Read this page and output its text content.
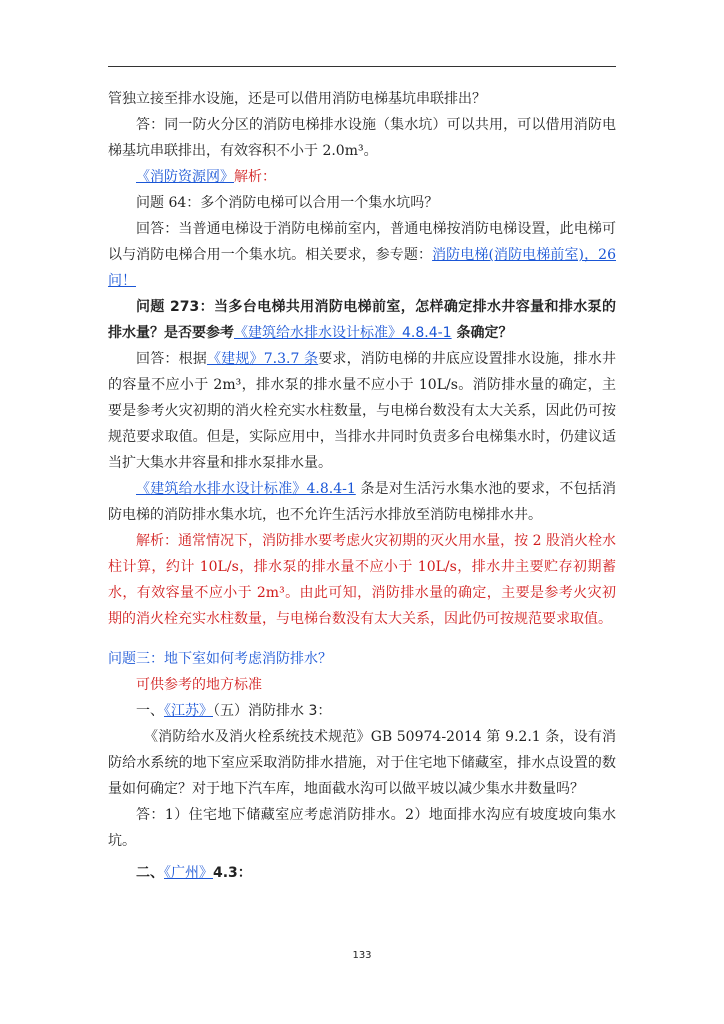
管独立接至排水设施，还是可以借用消防电梯基坑串联排出？

答：同一防火分区的消防电梯排水设施（集水坑）可以共用，可以借用消防电梯基坑串联排出，有效容积不小于 2.0m³。

《消防资源网》解析：

问题 64：多个消防电梯可以合用一个集水坑吗？

回答：当普通电梯设于消防电梯前室内，普通电梯按消防电梯设置，此电梯可以与消防电梯合用一个集水坑。相关要求，参专题：消防电梯(消防电梯前室)，26 问！

问题 273：当多台电梯共用消防电梯前室，怎样确定排水井容量和排水泵的排水量？是否要参考《建筑给水排水设计标准》4.8.4-1 条确定？

回答：根据《建规》7.3.7 条要求，消防电梯的井底应设置排水设施，排水井的容量不应小于 2m³，排水泵的排水量不应小于 10L/s。消防排水量的确定，主要是参考火灾初期的消火栓充实水柱数量，与电梯台数没有太大关系，因此仍可按规范要求取值。但是，实际应用中，当排水井同时负责多台电梯集水时，仍建议适当扩大集水井容量和排水泵排水量。

《建筑给水排水设计标准》4.8.4-1 条是对生活污水集水池的要求，不包括消防电梯的消防排水集水坑，也不允许生活污水排放至消防电梯排水井。

解析：通常情况下，消防排水要考虑火灾初期的灭火用水量，按 2 股消火栓水柱计算，约计 10L/s，排水泵的排水量不应小于 10L/s，排水井主要贮存初期蓄水，有效容量不应小于 2m³。由此可知，消防排水量的确定，主要是参考火灾初期的消火栓充实水柱数量，与电梯台数没有太大关系，因此仍可按规范要求取值。

问题三：地下室如何考虑消防排水？

可供参考的地方标准

一、《江苏》（五）消防排水 3：

《消防给水及消火栓系统技术规范》GB 50974-2014 第 9.2.1 条，设有消防给水系统的地下室应采取消防排水措施，对于住宅地下储藏室，排水点设置的数量如何确定？对于地下汽车库，地面截水沟可以做平坡以减少集水井数量吗？

答：1）住宅地下储藏室应考虑消防排水。2）地面排水沟应有坡度坡向集水坑。

二、《广州》4.3：

133
